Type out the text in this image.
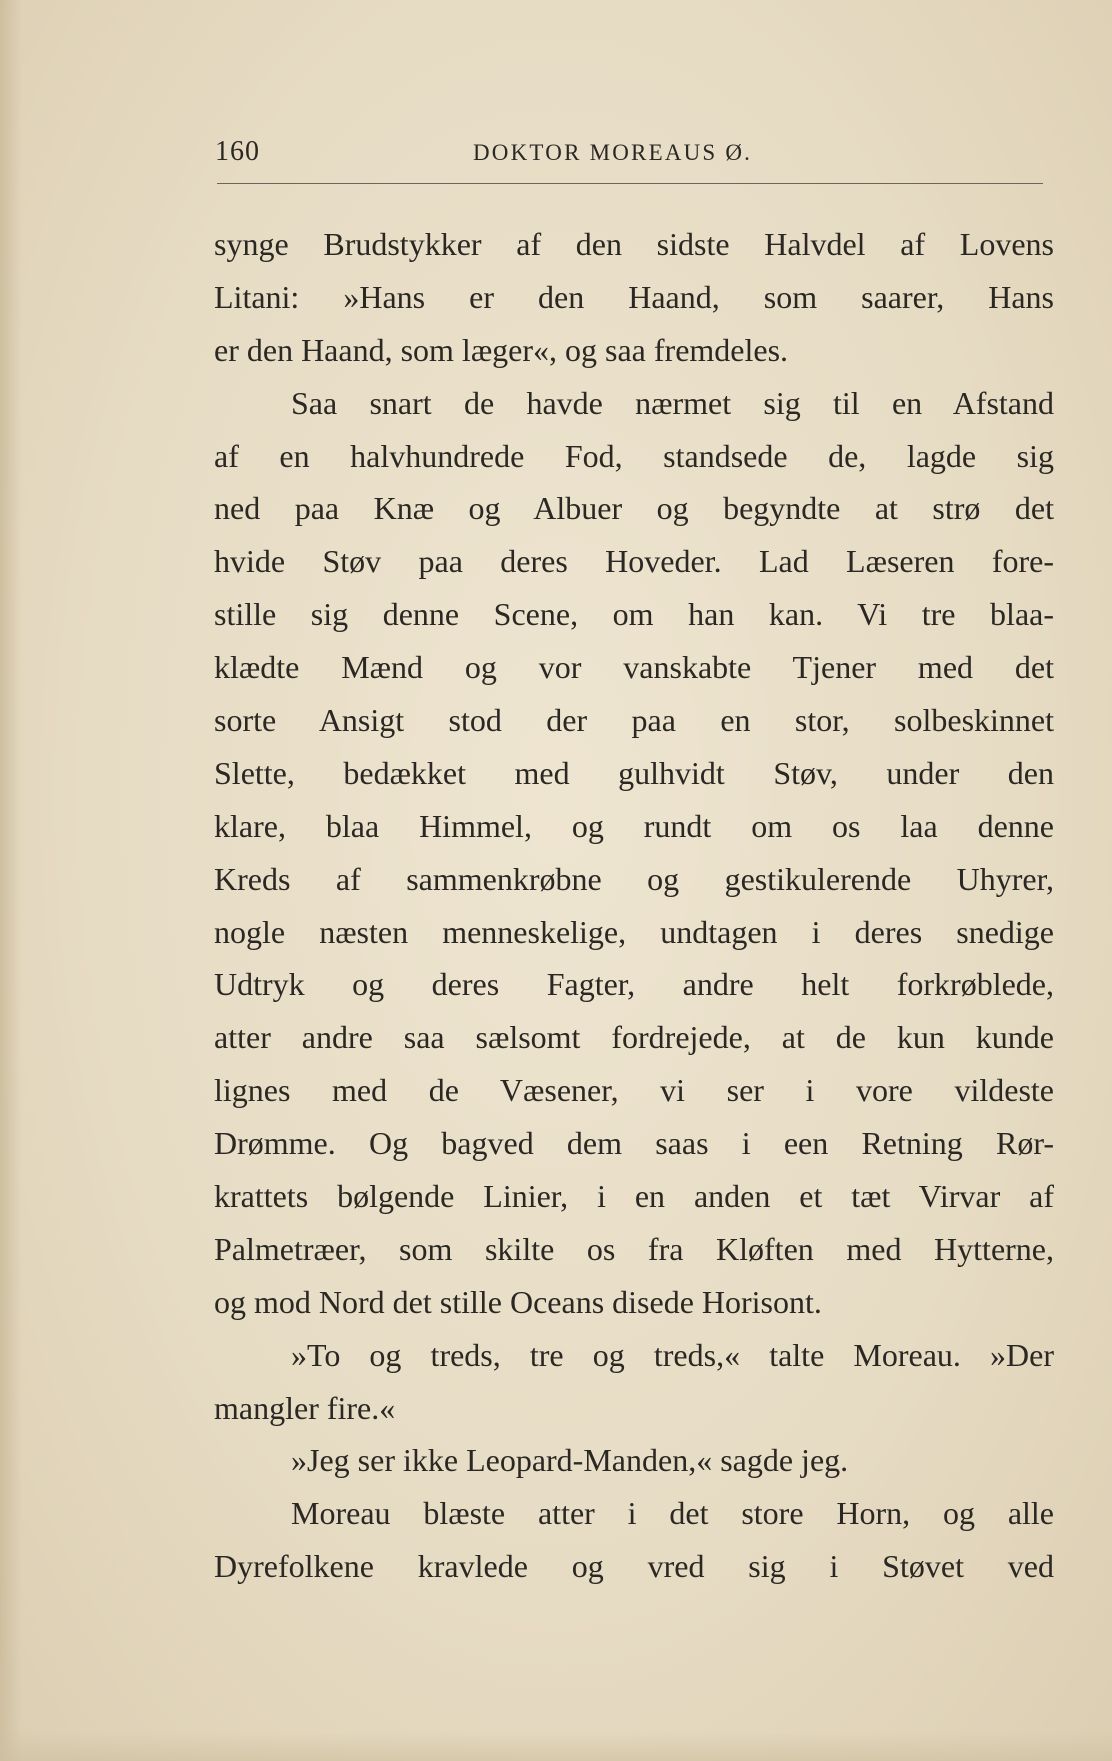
160	DOKTOR MOREAUS Ø.
synge Brudstykker af den sidste Halvdel af Lovens
Litani: »Hans er den Haand, som saarer, Hans
er den Haand, som læger«, og saa fremdeles.
Saa snart de havde nærmet sig til en Afstand
af en halvhundrede Fod, standsede de, lagde sig
ned paa Knæ og Albuer og begyndte at strø det
hvide Støv paa deres Hoveder. Lad Læseren fore-
stille sig denne Scene, om han kan. Vi tre blaa-
klædte Mænd og vor vanskabte Tjener med det
sorte Ansigt stod der paa en stor, solbeskinnet
Slette, bedækket med gulhvidt Støv, under den
klare, blaa Himmel, og rundt om os laa denne
Kreds af sammenkrøbne og gestikulerende Uhyrer,
nogle næsten menneskelige, undtagen i deres snedige
Udtryk og deres Fagter, andre helt forkrøblede,
atter andre saa sælsomt fordrejede, at de kun kunde
lignes med de Væsener, vi ser i vore vildeste
Drømme. Og bagved dem saas i een Retning Rør-
krattets bølgende Linier, i en anden et tæt Virvar af
Palmetræer, som skilte os fra Kløften med Hytterne,
og mod Nord det stille Oceans disede Horisont.
»To og treds, tre og treds,« talte Moreau. »Der
mangler fire.«
»Jeg ser ikke Leopard-Manden,« sagde jeg.
Moreau blæste atter i det store Horn, og alle
Dyrefolkene kravlede og vred sig i Støvet ved
